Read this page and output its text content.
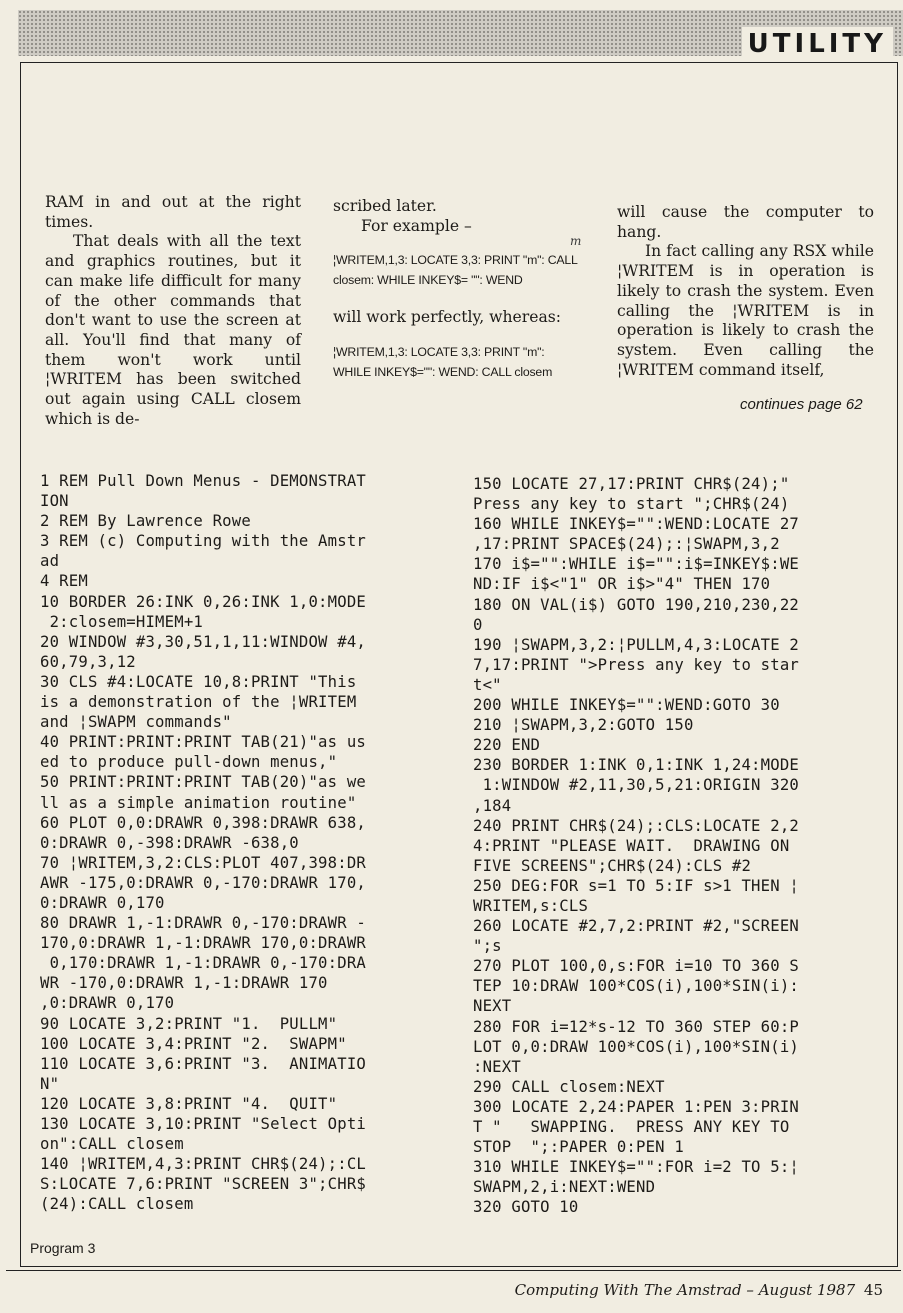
UTILITY

RAM in and out at the right times.

That deals with all the text and graphics routines, but it can make life difficult for many of the other commands that don't want to use the screen at all. You'll find that many of them won't work until ¦WRITEM has been switched out again using CALL closem which is de-

scribed later.

For example –

¦WRITEM,1,3: LOCATE 3,3: PRINT "m": CALL closem: WHILE INKEY$= "": WEND

will work perfectly, whereas:

¦WRITEM,1,3: LOCATE 3,3: PRINT "m": WHILE INKEY$="": WEND: CALL closem

m

will cause the computer to hang.

In fact calling any RSX while ¦WRITEM is in operation is likely to crash the system. Even calling the ¦WRITEM is in operation is likely to crash the system. Even calling the ¦WRITEM command itself,

continues page 62
1 REM Pull Down Menus - DEMONSTRAT
ION
2 REM By Lawrence Rowe
3 REM (c) Computing with the Amstr
ad
4 REM
10 BORDER 26:INK 0,26:INK 1,0:MODE
2:closem=HIMEM+1
20 WINDOW #3,30,51,1,11:WINDOW #4,
60,79,3,12
30 CLS #4:LOCATE 10,8:PRINT "This
is a demonstration of the ¦WRITEM
and ¦SWAPM commands"
40 PRINT:PRINT:PRINT TAB(21)"as us
ed to produce pull-down menus,"
50 PRINT:PRINT:PRINT TAB(20)"as we
ll as a simple animation routine"
60 PLOT 0,0:DRAWR 0,398:DRAWR 638,
0:DRAWR 0,-398:DRAWR -638,0
70 ¦WRITEM,3,2:CLS:PLOT 407,398:DR
AWR -175,0:DRAWR 0,-170:DRAWR 170,
0:DRAWR 0,170
80 DRAWR 1,-1:DRAWR 0,-170:DRAWR -
170,0:DRAWR 1,-1:DRAWR 170,0:DRAWR
0,170:DRAWR 1,-1:DRAWR 0,-170:DRA
WR -170,0:DRAWR 1,-1:DRAWR 170
,0:DRAWR 0,170
90 LOCATE 3,2:PRINT "1.  PULLM"
100 LOCATE 3,4:PRINT "2.  SWAPM"
110 LOCATE 3,6:PRINT "3.  ANIMATIO
N"
120 LOCATE 3,8:PRINT "4.  QUIT"
130 LOCATE 3,10:PRINT "Select Opti
on":CALL closem
140 ¦WRITEM,4,3:PRINT CHR$(24);:CL
S:LOCATE 7,6:PRINT "SCREEN 3";CHR$
(24):CALL closem
150 LOCATE 27,17:PRINT CHR$(24);"
Press any key to start ";CHR$(24)
160 WHILE INKEY$="":WEND:LOCATE 27
,17:PRINT SPACE$(24);:¦SWAPM,3,2
170 i$="":WHILE i$="":i$=INKEY$:WE
ND:IF i$<"1" OR i$>"4" THEN 170
180 ON VAL(i$) GOTO 190,210,230,22
0
190 ¦SWAPM,3,2:¦PULLM,4,3:LOCATE 2
7,17:PRINT ">Press any key to star
t<"
200 WHILE INKEY$="":WEND:GOTO 30
210 ¦SWAPM,3,2:GOTO 150
220 END
230 BORDER 1:INK 0,1:INK 1,24:MODE
1:WINDOW #2,11,30,5,21:ORIGIN 320
,184
240 PRINT CHR$(24);:CLS:LOCATE 2,2
4:PRINT "PLEASE WAIT.  DRAWING ON
FIVE SCREENS";CHR$(24):CLS #2
250 DEG:FOR s=1 TO 5:IF s>1 THEN ¦
WRITEM,s:CLS
260 LOCATE #2,7,2:PRINT #2,"SCREEN
";s
270 PLOT 100,0,s:FOR i=10 TO 360 S
TEP 10:DRAW 100*COS(i),100*SIN(i):
NEXT
280 FOR i=12*s-12 TO 360 STEP 60:P
LOT 0,0:DRAW 100*COS(i),100*SIN(i)
:NEXT
290 CALL closem:NEXT
300 LOCATE 2,24:PAPER 1:PEN 3:PRIN
T "   SWAPPING.  PRESS ANY KEY TO
STOP  ";:PAPER 0:PEN 1
310 WHILE INKEY$="":FOR i=2 TO 5:¦
SWAPM,2,i:NEXT:WEND
320 GOTO 10
Program 3
Computing With The Amstrad – August 1987 45
